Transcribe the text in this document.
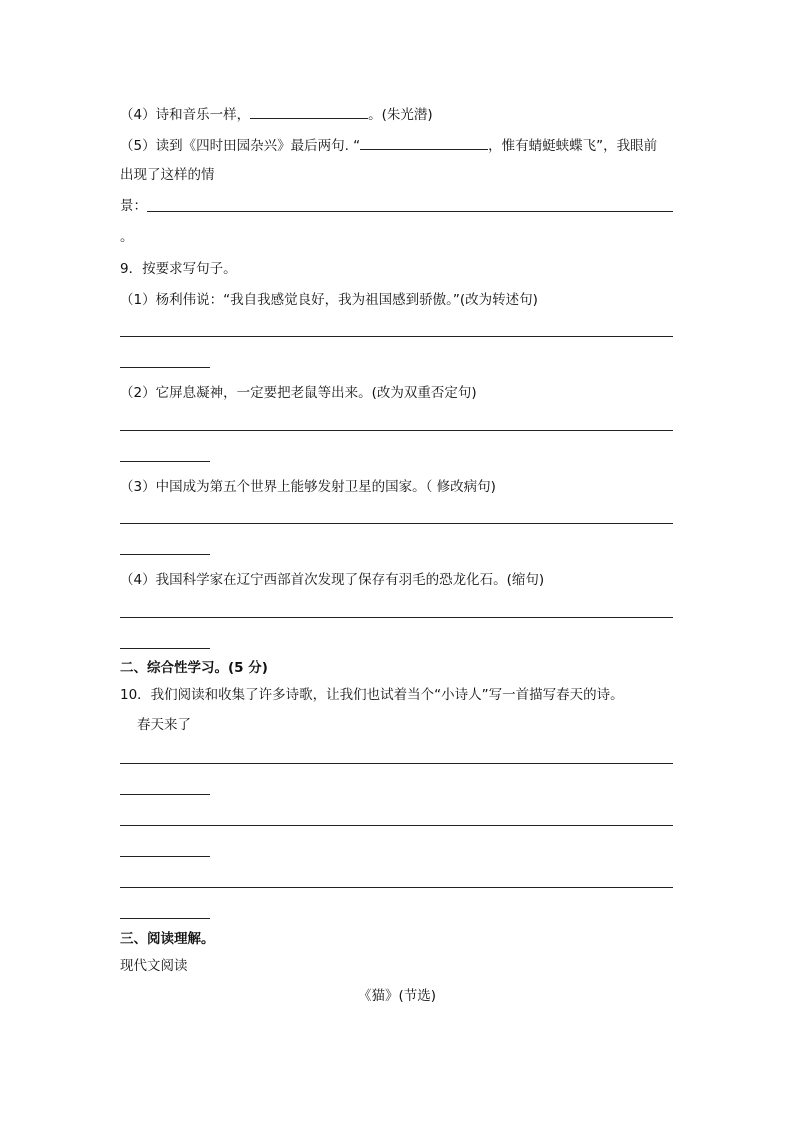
（4）诗和音乐一样，	。(朱光潜)
（5）读到《四时田园杂兴》最后两句. “	，惟有蜻蜓蛱蝶飞”，我眼前
出现了这样的情
景：
。
9．按要求写句子。
（1）杨利伟说：“我自我感觉良好，我为祖国感到骄傲。”(改为转述句)
（2）它屏息凝神，一定要把老鼠等出来。(改为双重否定句)
（3）中国成为第五个世界上能够发射卫星的国家。（ 修改病句)
（4）我国科学家在辽宁西部首次发现了保存有羽毛的恐龙化石。(缩句)
二、综合性学习。(5 分)
10．我们阅读和收集了许多诗歌，让我们也试着当个“小诗人”写一首描写春天的诗。
春天来了
三、阅读理解。
现代文阅读
《猫》(节选)
